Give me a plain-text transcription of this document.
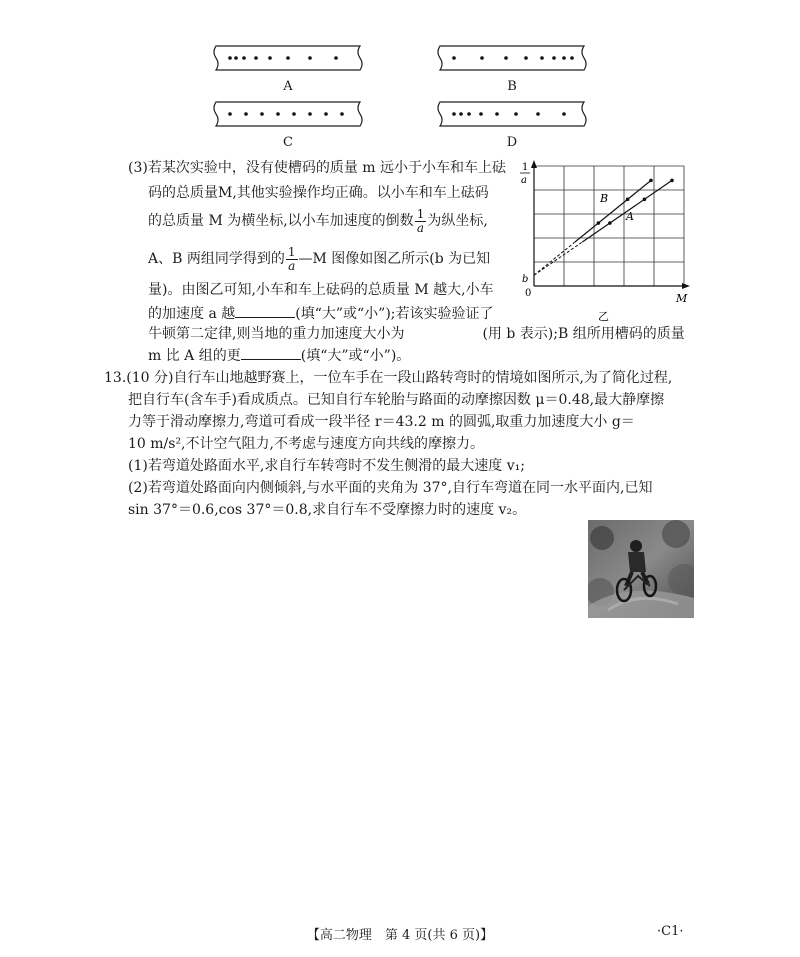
A	B
C	D
(3)若某次实验中，没有使槽码的质量 m 远小于小车和车上砝
码的总质量M,其他实验操作均正确。以小车和车上砝码
的总质量 M 为横坐标,以小车加速度的倒数 $\frac{1}{a}$ 为纵坐标,
A、B 两组同学得到的 $\frac{1}{a}$ —M 图像如图乙所示(b 为已知
量)。由图乙可知,小车和车上砝码的总质量 M 越大,小车
的加速度 a 越	(填“大”或“小”);若该实验验证了
牛顿第二定律,则当地的重力加速度大小为	(用 b 表示);B 组所用槽码的质量
m 比 A 组的更	(填“大”或“小”)。
1
a
b
0	M
乙
B
A
13.(10 分)自行车山地越野赛上，一位车手在一段山路转弯时的情境如图所示,为了简化过程,
把自行车(含车手)看成质点。已知自行车轮胎与路面的动摩擦因数 μ＝0.48,最大静摩擦
力等于滑动摩擦力,弯道可看成一段半径 r＝43.2 m 的圆弧,取重力加速度大小 g＝
10 m/s²,不计空气阻力,不考虑与速度方向共线的摩擦力。
(1)若弯道处路面水平,求自行车转弯时不发生侧滑的最大速度 v₁;
(2)若弯道处路面向内侧倾斜,与水平面的夹角为 37°,自行车弯道在同一水平面内,已知
sin 37°＝0.6,cos 37°＝0.8,求自行车不受摩擦力时的速度 v₂。
【高二物理　第 4 页(共 6 页)】	·C1·
